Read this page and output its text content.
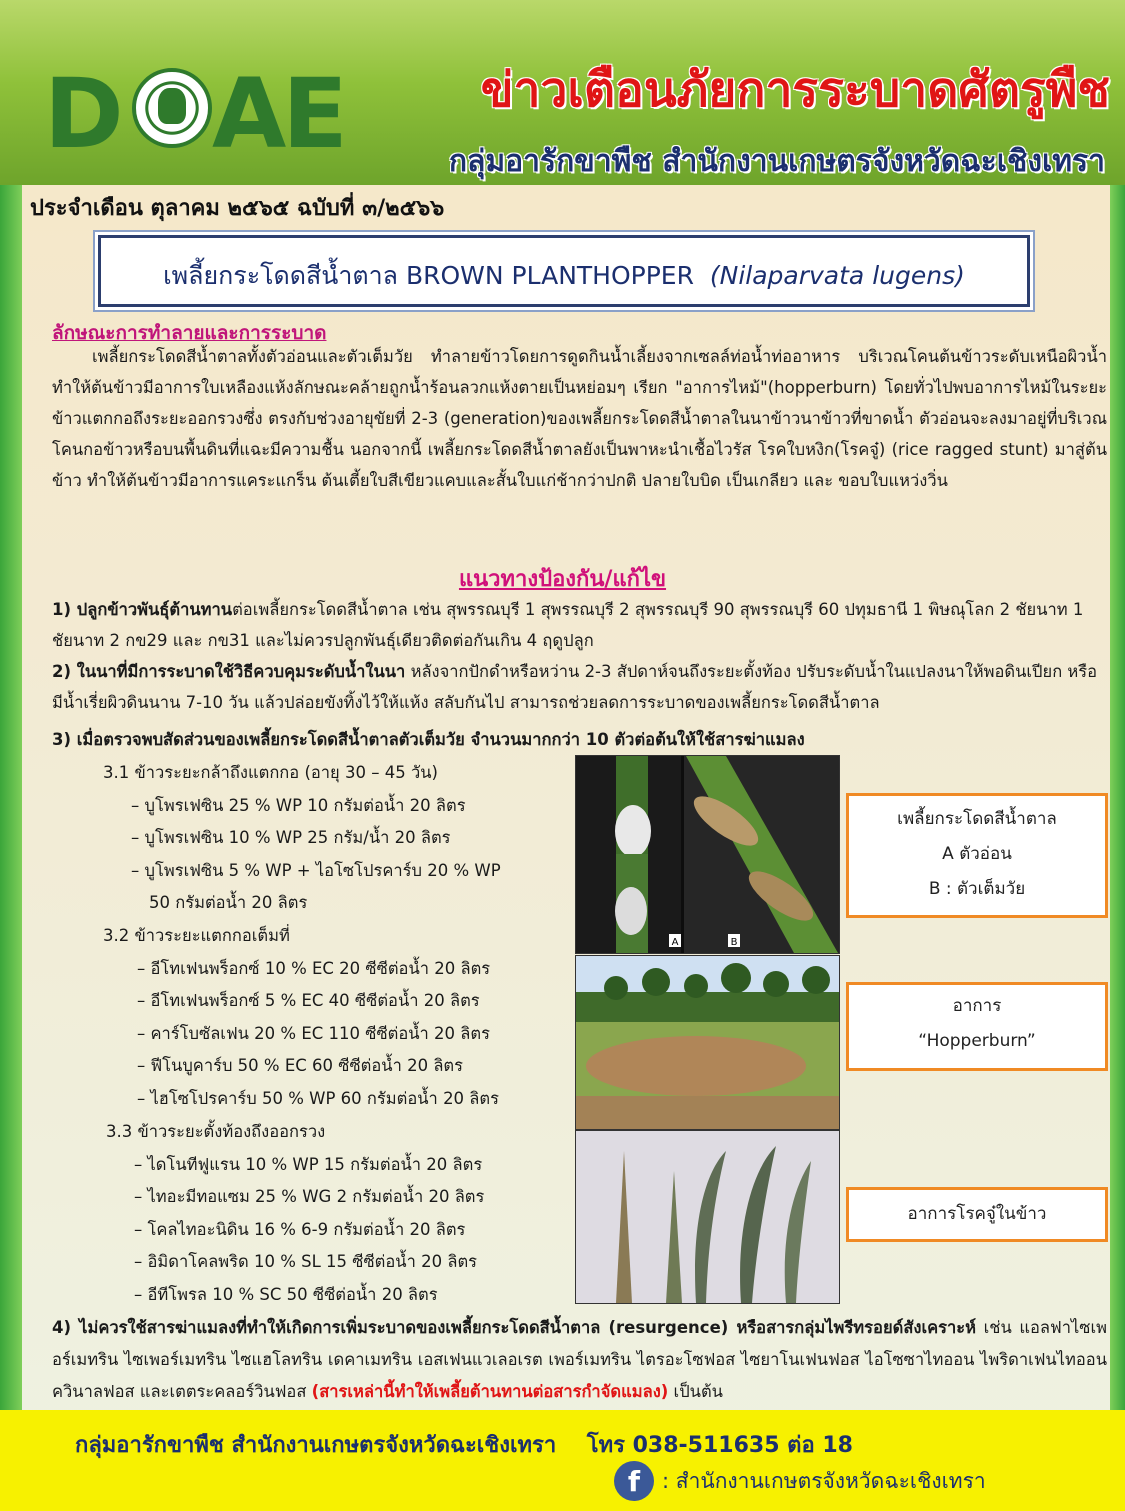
D AE	ข่าวเตือนภัยการระบาดศัตรูพืช
กลุ่มอารักขาพืช สำนักงานเกษตรจังหวัดฉะเชิงเทรา
ประจำเดือน ตุลาคม ๒๕๖๕ ฉบับที่ ๓/๒๕๖๖
เพลี้ยกระโดดสีน้ำตาล BROWN PLANTHOPPER (Nilaparvata lugens)
ลักษณะการทำลายและการระบาด
เพลี้ยกระโดดสีน้ำตาลทั้งตัวอ่อนและตัวเต็มวัย ทำลายข้าวโดยการดูดกินน้ำเลี้ยงจากเซลล์ท่อน้ำท่ออาหาร บริเวณโคนต้นข้าวระดับเหนือผิวน้ำ ทำให้ต้นข้าวมีอาการใบเหลืองแห้งลักษณะคล้ายถูกน้ำร้อนลวกแห้งตายเป็นหย่อมๆ เรียก "อาการไหม้"(hopperburn) โดยทั่วไปพบอาการไหม้ในระยะข้าวแตกกอถึงระยะออกรวงซึ่ง ตรงกับช่วงอายุขัยที่ 2-3 (generation)ของเพลี้ยกระโดดสีน้ำตาลในนาข้าวนาข้าวที่ขาดน้ำ ตัวอ่อนจะลงมาอยู่ที่บริเวณโคนกอข้าวหรือบนพื้นดินที่แฉะมีความชื้น นอกจากนี้ เพลี้ยกระโดดสีน้ำตาลยังเป็นพาหะนำเชื้อไวรัส โรคใบหงิก(โรคจู๋) (rice ragged stunt) มาสู่ต้นข้าว ทำให้ต้นข้าวมีอาการแคระแกร็น ต้นเตี้ยใบสีเขียวแคบและสั้นใบแก่ช้ากว่าปกติ ปลายใบบิด เป็นเกลียว และ ขอบใบแหว่งวิ่น
แนวทางป้องกัน/แก้ไข
1) ปลูกข้าวพันธุ์ต้านทานต่อเพลี้ยกระโดดสีน้ำตาล เช่น สุพรรณบุรี 1 สุพรรณบุรี 2 สุพรรณบุรี 90 สุพรรณบุรี 60 ปทุมธานี 1 พิษณุโลก 2 ชัยนาท 1 ชัยนาท 2 กข29 และ กข31 และไม่ควรปลูกพันธุ์เดียวติดต่อกันเกิน 4 ฤดูปลูก
2) ในนาที่มีการระบาดใช้วิธีควบคุมระดับน้ำในนา หลังจากปักดำหรือหว่าน 2-3 สัปดาห์จนถึงระยะตั้งท้อง ปรับระดับน้ำในแปลงนาให้พอดินเปียก หรือมีน้ำเรี่ยผิวดินนาน 7-10 วัน แล้วปล่อยขังทิ้งไว้ให้แห้ง สลับกันไป สามารถช่วยลดการระบาดของเพลี้ยกระโดดสีน้ำตาล
3) เมื่อตรวจพบสัดส่วนของเพลี้ยกระโดดสีน้ำตาลตัวเต็มวัย จำนวนมากกว่า 10 ตัวต่อต้นให้ใช้สารฆ่าแมลง
3.1 ข้าวระยะกล้าถึงแตกกอ (อายุ 30 – 45 วัน)
– บูโพรเฟซิน 25 % WP 10 กรัมต่อน้ำ 20 ลิตร
– บูโพรเฟซิน 10 % WP 25 กรัม/น้ำ 20 ลิตร
– บูโพรเฟซิน 5 % WP + ไอโซโปรคาร์บ 20 % WP
50 กรัมต่อน้ำ 20 ลิตร
3.2 ข้าวระยะแตกกอเต็มที่
– อีโทเฟนพร็อกซ์ 10 % EC 20 ซีซีต่อน้ำ 20 ลิตร
– อีโทเฟนพร็อกซ์ 5 % EC 40 ซีซีต่อน้ำ 20 ลิตร
– คาร์โบซัลเฟน 20 % EC 110 ซีซีต่อน้ำ 20 ลิตร
– ฟีโนบูคาร์บ 50 % EC 60 ซีซีต่อน้ำ 20 ลิตร
– ไฮโซโปรคาร์บ 50 % WP 60 กรัมต่อน้ำ 20 ลิตร
3.3 ข้าวระยะตั้งท้องถึงออกรวง
– ไดโนทีฟูแรน 10 % WP 15 กรัมต่อน้ำ 20 ลิตร
– ไทอะมีทอแซม 25 % WG 2 กรัมต่อน้ำ 20 ลิตร
– โคลไทอะนิดิน 16 % 6-9 กรัมต่อน้ำ 20 ลิตร
– อิมิดาโคลพริด 10 % SL 15 ซีซีต่อน้ำ 20 ลิตร
– อีทีโพรล 10 % SC 50 ซีซีต่อน้ำ 20 ลิตร
4) ไม่ควรใช้สารฆ่าแมลงที่ทำให้เกิดการเพิ่มระบาดของเพลี้ยกระโดดสีน้ำตาล (resurgence) หรือสารกลุ่มไพรีทรอยด์สังเคราะห์ เช่น แอลฟาไซเพอร์เมทริน ไซเพอร์เมทริน ไซแฮโลทริน เดคาเมทริน เอสเฟนแวเลอเรต เพอร์เมทริน ไตรอะโซฟอส ไซยาโนเฟนฟอส ไอโซซาไทออน ไพริดาเฟนไทออน ควินาลฟอส และเตตระคลอร์วินฟอส (สารเหล่านี้ทำให้เพลี้ยต้านทานต่อสารกำจัดแมลง) เป็นต้น
A	B
เพลี้ยกระโดดสีน้ำตาล
A ตัวอ่อน
B : ตัวเต็มวัย
อาการ
“Hopperburn”
อาการโรคจู๋ในข้าว
กลุ่มอารักขาพืช สำนักงานเกษตรจังหวัดฉะเชิงเทรา    โทร 038-511635 ต่อ 18
f	: สำนักงานเกษตรจังหวัดฉะเชิงเทรา
